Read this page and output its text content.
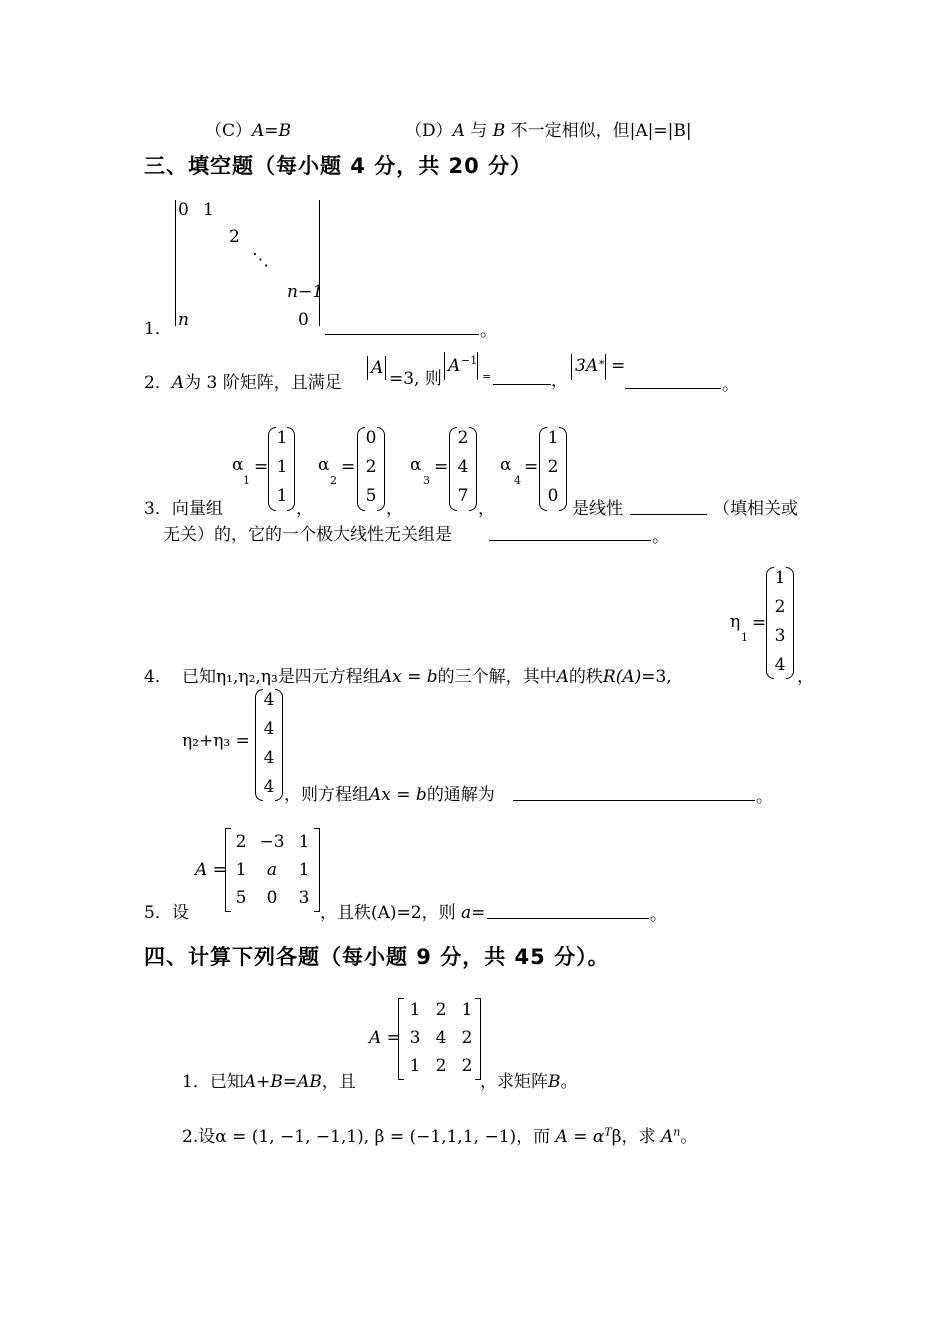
（C）A=B	（D）A 与 B 不一定相似，但|A|=|B|
三、填空题（每小题 4 分，共 20 分）
1．
0 1
2
⋱
n−1
n	0
。
2．A为 3 阶矩阵，且满足
A
=3, 则
A −1
=	，
3A * =
。
3．向量组
α
1
=
1
1
1
，
α
2
=
0
2
5
，
α
3
=
2
4
7
，
α
4
=
1
2
0
是线性	（填相关或
无关）的，它的一个极大线性无关组是	。
4． 已知η₁,η₂,η₃是四元方程组Ax = b的三个解，其中A的秩R(A)=3,
η
1
=
1
2
3
4
，
η₂+η₃ =
4
4
4
4 ，则方程组Ax = b的通解为	。
5．设
A =
2 −3 1
1	a	1
5	0	3
，且秩(A)=2，则 a=	。
四、计算下列各题（每小题 9 分，共 45 分）。
A =
1 2 1
3 4 2
1 2 2
1．已知A+B=AB，且	，求矩阵B。
2.设α = (1, −1, −1,1), β = (−1,1,1, −1)，而 $A = \alpha^T\beta$，求 $A^n$。
